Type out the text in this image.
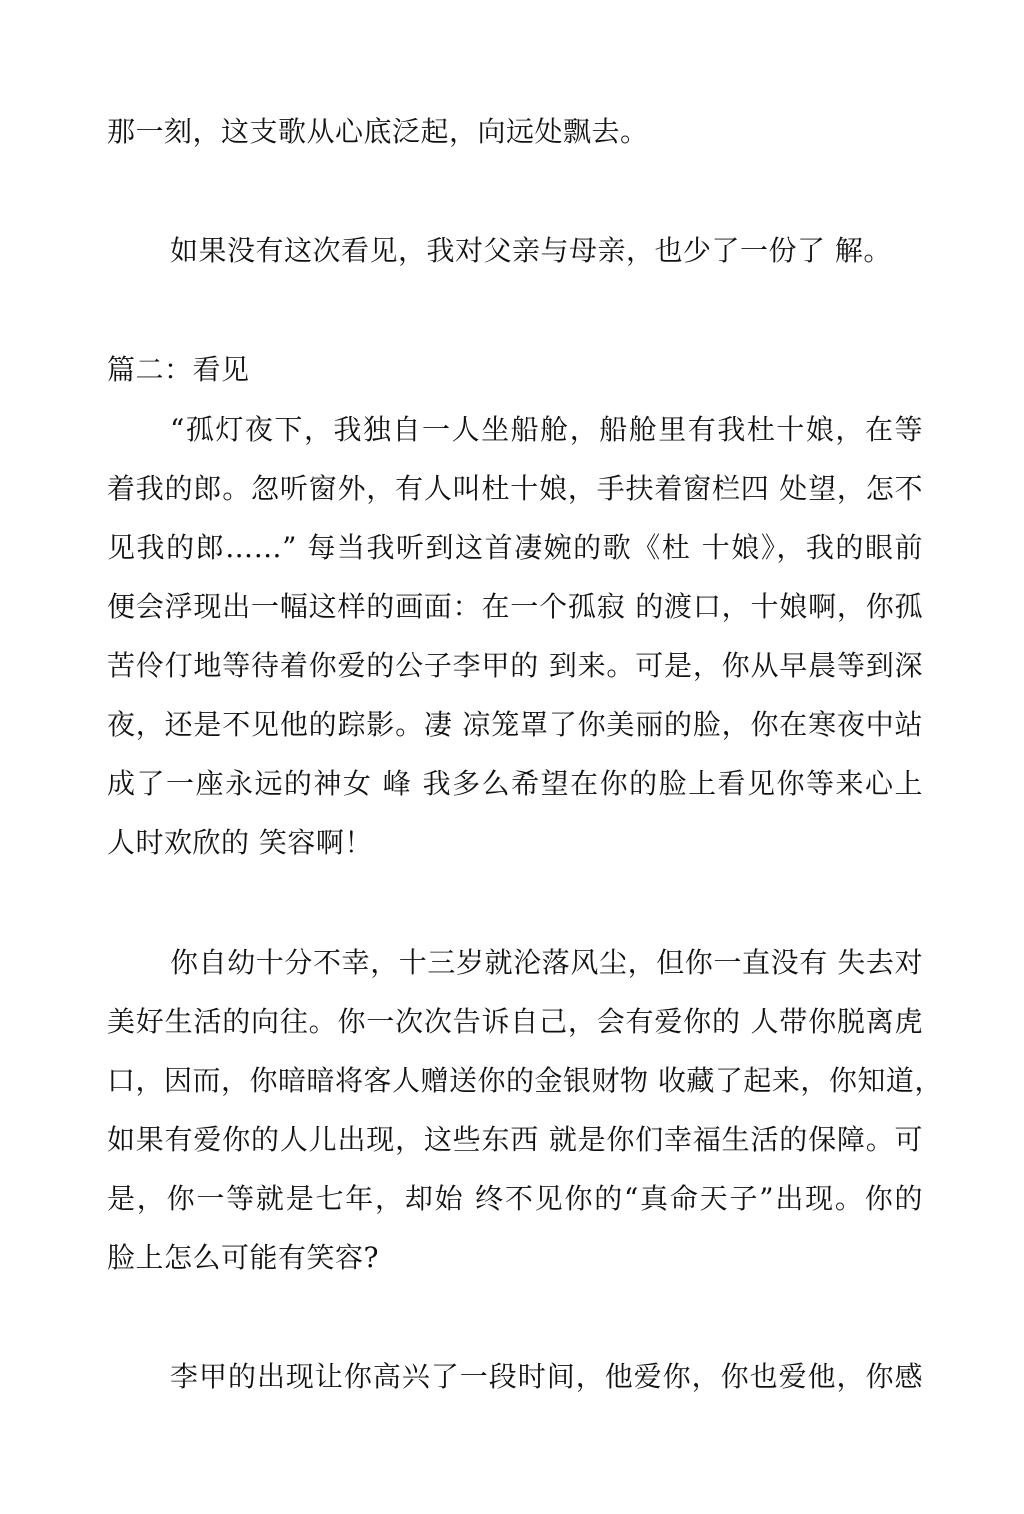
那一刻，这支歌从心底泛起，向远处飘去。
如果没有这次看见，我对父亲与母亲，也少了一份了 解。
篇二：看见
“孤灯夜下，我独自一人坐船舱，船舱里有我杜十娘，在等
着我的郎。忽听窗外，有人叫杜十娘，手扶着窗栏四 处望，怎不
见我的郎……” 每当我听到这首凄婉的歌《杜 十娘》，我的眼前
便会浮现出一幅这样的画面：在一个孤寂 的渡口，十娘啊，你孤
苦伶仃地等待着你爱的公子李甲的 到来。可是，你从早晨等到深
夜，还是不见他的踪影。凄 凉笼罩了你美丽的脸，你在寒夜中站
成了一座永远的神女 峰 我多么希望在你的脸上看见你等来心上
人时欢欣的 笑容啊！
你自幼十分不幸，十三岁就沦落风尘，但你一直没有 失去对
美好生活的向往。你一次次告诉自己，会有爱你的 人带你脱离虎
口，因而，你暗暗将客人赠送你的金银财物 收藏了起来，你知道，
如果有爱你的人儿出现，这些东西 就是你们幸福生活的保障。可
是，你一等就是七年，却始 终不见你的“真命天子”出现。你的
脸上怎么可能有笑容?
李甲的出现让你高兴了一段时间，他爱你，你也爱他，你感
